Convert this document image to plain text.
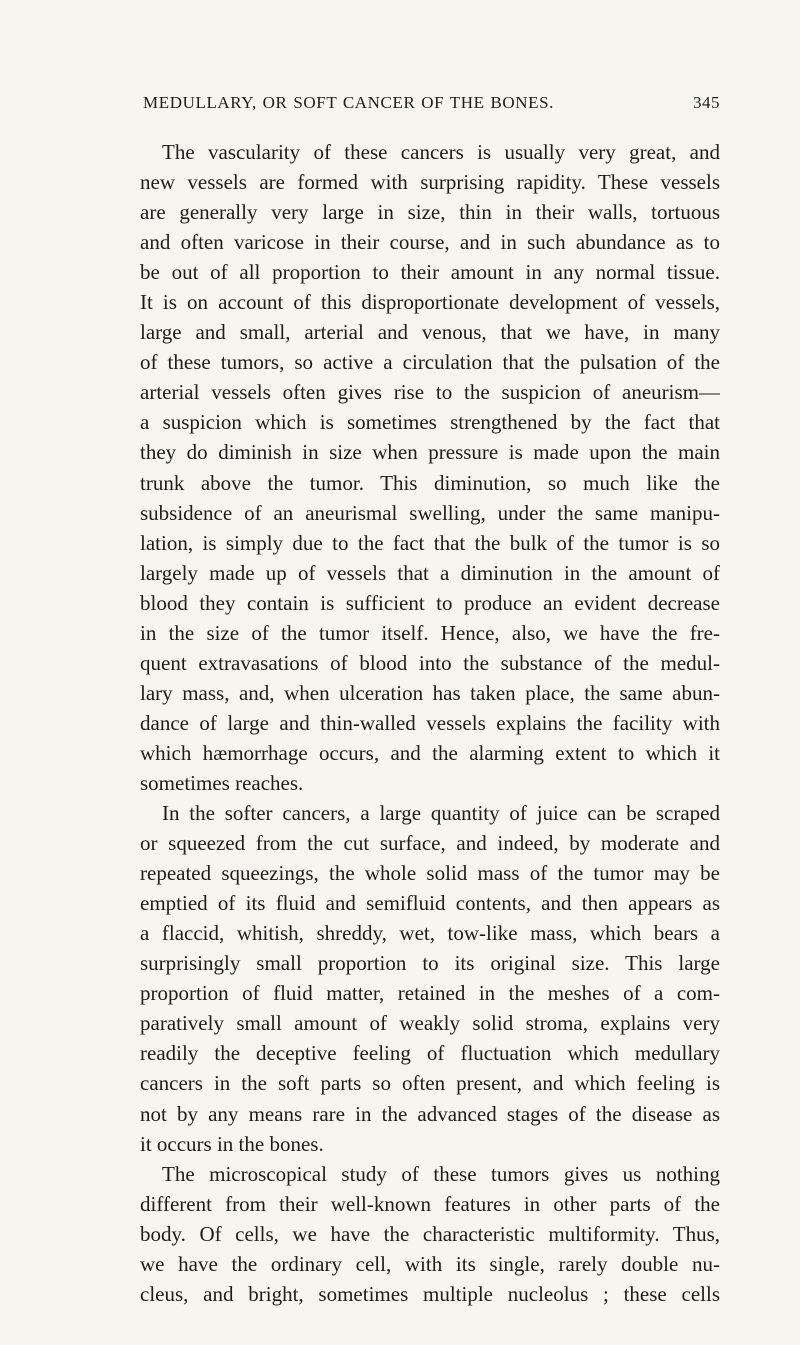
MEDULLARY, OR SOFT CANCER OF THE BONES.	345
The vascularity of these cancers is usually very great, and
new vessels are formed with surprising rapidity. These vessels
are generally very large in size, thin in their walls, tortuous
and often varicose in their course, and in such abundance as to
be out of all proportion to their amount in any normal tissue.
It is on account of this disproportionate development of vessels,
large and small, arterial and venous, that we have, in many
of these tumors, so active a circulation that the pulsation of the
arterial vessels often gives rise to the suspicion of aneurism—
a suspicion which is sometimes strengthened by the fact that
they do diminish in size when pressure is made upon the main
trunk above the tumor. This diminution, so much like the
subsidence of an aneurismal swelling, under the same manipu-
lation, is simply due to the fact that the bulk of the tumor is so
largely made up of vessels that a diminution in the amount of
blood they contain is sufficient to produce an evident decrease
in the size of the tumor itself. Hence, also, we have the fre-
quent extravasations of blood into the substance of the medul-
lary mass, and, when ulceration has taken place, the same abun-
dance of large and thin-walled vessels explains the facility with
which hæmorrhage occurs, and the alarming extent to which it
sometimes reaches.
In the softer cancers, a large quantity of juice can be scraped
or squeezed from the cut surface, and indeed, by moderate and
repeated squeezings, the whole solid mass of the tumor may be
emptied of its fluid and semifluid contents, and then appears as
a flaccid, whitish, shreddy, wet, tow-like mass, which bears a
surprisingly small proportion to its original size. This large
proportion of fluid matter, retained in the meshes of a com-
paratively small amount of weakly solid stroma, explains very
readily the deceptive feeling of fluctuation which medullary
cancers in the soft parts so often present, and which feeling is
not by any means rare in the advanced stages of the disease as
it occurs in the bones.
The microscopical study of these tumors gives us nothing
different from their well-known features in other parts of the
body. Of cells, we have the characteristic multiformity. Thus,
we have the ordinary cell, with its single, rarely double nu-
cleus, and bright, sometimes multiple nucleolus ; these cells
